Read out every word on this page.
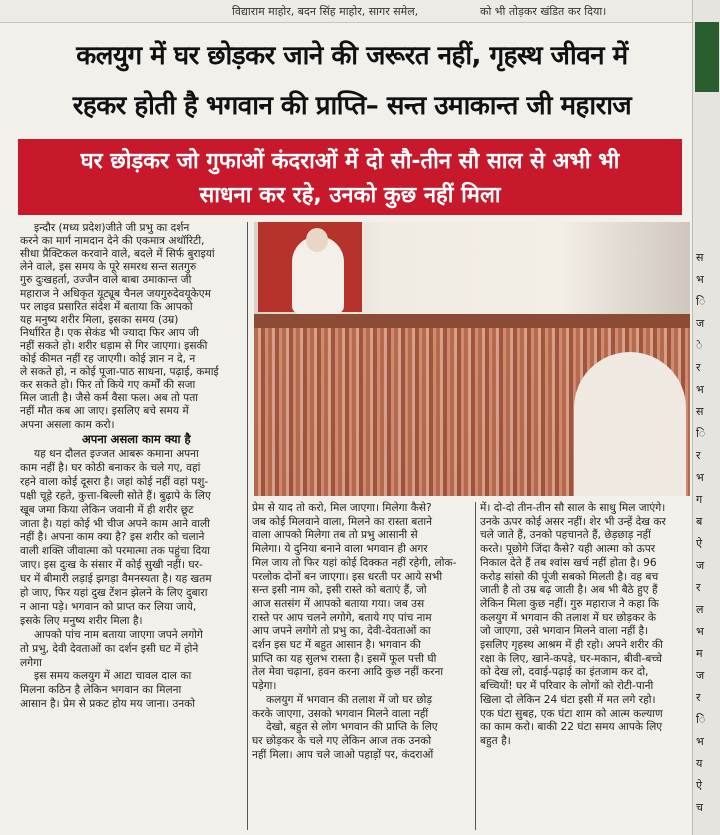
विद्याराम माहोर, बदन सिंह माहोर, सागर समेल,	को भी तोड़कर खंडित कर दिया।
कलयुग में घर छोड़कर जाने की जरूरत नहीं, गृहस्थ जीवन में
रहकर होती है भगवान की प्राप्ति– सन्त उमाकान्त जी महाराज
घर छोड़कर जो गुफाओं कंदराओं में दो सौ-तीन सौ साल से अभी भी
साधना कर रहे, उनको कुछ नहीं मिला
इन्दौर (मध्य प्रदेश)जीते जी प्रभु का दर्शन
करने का मार्ग नामदान देने की एकमात्र अथॉरिटी,
सीधा प्रैक्टिकल करवाने वाले, बदले में सिर्फ बुराइयां
लेने वाले, इस समय के पूरे समरथ सन्त सतगुरु
गुरु दुःखहर्ता, उज्जैन वाले बाबा उमाकान्त जी
महाराज ने अधिकृत यूट्यूब चैनल जयगुरुदेवयूकेएम
पर लाइव प्रसारित संदेश में बताया कि आपको
यह मनुष्य शरीर मिला, इसका समय (उम्र)
निर्धारित है। एक सेकंड भी ज्यादा फिर आप जी
नहीं सकते हो। शरीर धड़ाम से गिर जाएगा। इसकी
कोई कीमत नहीं रह जाएगी। कोई ज्ञान न दे, न
ले सकते हो, न कोई पूजा-पाठ साधना, पढ़ाई, कमाई
कर सकते हो। फिर तो किये गए कर्मों की सजा
मिल जाती है। जैसे कर्म वैसा फल। अब तो पता
नहीं मौत कब आ जाए। इसलिए बचे समय में
अपना असला काम करो।
अपना असला काम क्या है
यह धन दौलत इज्जत आबरू कमाना अपना
काम नहीं है। घर कोठी बनाकर के चले गए, वहां
रहने वाला कोई दूसरा है। जहां कोई नहीं वहां पशु-
पक्षी चूहे रहते, कुत्ता-बिल्ली सोते हैं। बुढ़ापे के लिए
खूब जमा किया लेकिन जवानी में ही शरीर छूट
जाता है। यहां कोई भी चीज अपने काम आने वाली
नहीं है। अपना काम क्या है? इस शरीर को चलाने
वाली शक्ति जीवात्मा को परमात्मा तक पहुंचा दिया
जाए। इस दुःख के संसार में कोई सुखी नहीं। घर-
घर में बीमारी लड़ाई झगड़ा वैमनस्यता है। यह खतम
हो जाए, फिर यहां दुख टेंशन झेलने के लिए दुबारा
न आना पड़े। भगवान को प्राप्त कर लिया जाये,
इसके लिए मनुष्य शरीर मिला है।
आपको पांच नाम बताया जाएगा जपने लगोगे
तो प्रभु, देवी देवताओं का दर्शन इसी घट में होने
लगेगा
इस समय कलयुग में आटा चावल दाल का
मिलना कठिन है लेकिन भगवान का मिलना
आसान है। प्रेम से प्रकट होय मय जाना। उनको
प्रेम से याद तो करो, मिल जाएगा। मिलेगा कैसे?
जब कोई मिलवाने वाला, मिलने का रास्ता बताने
वाला आपको मिलेगा तब तो प्रभु आसानी से
मिलेगा। ये दुनिया बनाने वाला भगवान ही अगर
मिल जाय तो फिर यहां कोई दिक्कत नहीं रहेगी, लोक-
परलोक दोनों बन जाएगा। इस धरती पर आये सभी
सन्त इसी नाम को, इसी रास्ते को बताएं हैं, जो
आज सतसंग में आपको बताया गया। जब उस
रास्ते पर आप चलने लगोगे, बताये गए पांच नाम
आप जपने लगोगे तो प्रभु का, देवी-देवताओं का
दर्शन इस घट में बहुत आसान है। भगवान की
प्राप्ति का यह सुलभ रास्ता है। इसमें फूल पत्ती घी
तेल मेवा चढ़ाना, हवन करना आदि कुछ नहीं करना
पड़ेगा।
कलयुग में भगवान की तलाश में जो घर छोड़
करके जाएगा, उसको भगवान मिलने वाला नहीं
देखो, बहुत से लोग भगवान की प्राप्ति के लिए
घर छोड़कर के चले गए लेकिन आज तक उनको
नहीं मिला। आप चले जाओ पहाड़ों पर, कंदराओं
में। दो-दो तीन-तीन सौ साल के साधु मिल जाएंगे।
उनके ऊपर कोई असर नहीं। शेर भी उन्हें देख कर
चले जाते हैं, उनको पहचानते हैं, छेड़छाड़ नहीं
करते। पूछोगे जिंदा कैसे? यही आत्मा को ऊपर
निकाल देते हैं तब श्वांस खर्च नहीं होता है। 96
करोड़ सांसो की पूंजी सबको मिलती है। वह बच
जाती है तो उम्र बढ़ जाती है। अब भी बैठे हुए हैं
लेकिन मिला कुछ नहीं। गुरु महाराज ने कहा कि
कलयुग में भगवान की तलाश में घर छोड़कर के
जो जाएगा, उसे भगवान मिलने वाला नहीं है।
इसलिए गृहस्थ आश्रम में ही रहो। अपने शरीर की
रक्षा के लिए, खाने-कपड़े, घर-मकान, बीवी-बच्चे
को देख लो, दवाई-पढ़ाई का इंतजाम कर दो,
बच्चियों! घर में परिवार के लोगों को रोटी-पानी
खिला दो लेकिन 24 घंटा इसी में मत लगे रहो।
एक घंटा सुबह, एक घंटा शाम को आत्म कल्याण
का काम करो। बाकी 22 घंटा समय आपके लिए
बहुत है।
स
भ
ि
ज
े
र
भ
स
ि
र
भ
ग
ब
ऐ
ज
र
ल
भ
म
ज
र
ि
भ
य
ऐ
च
